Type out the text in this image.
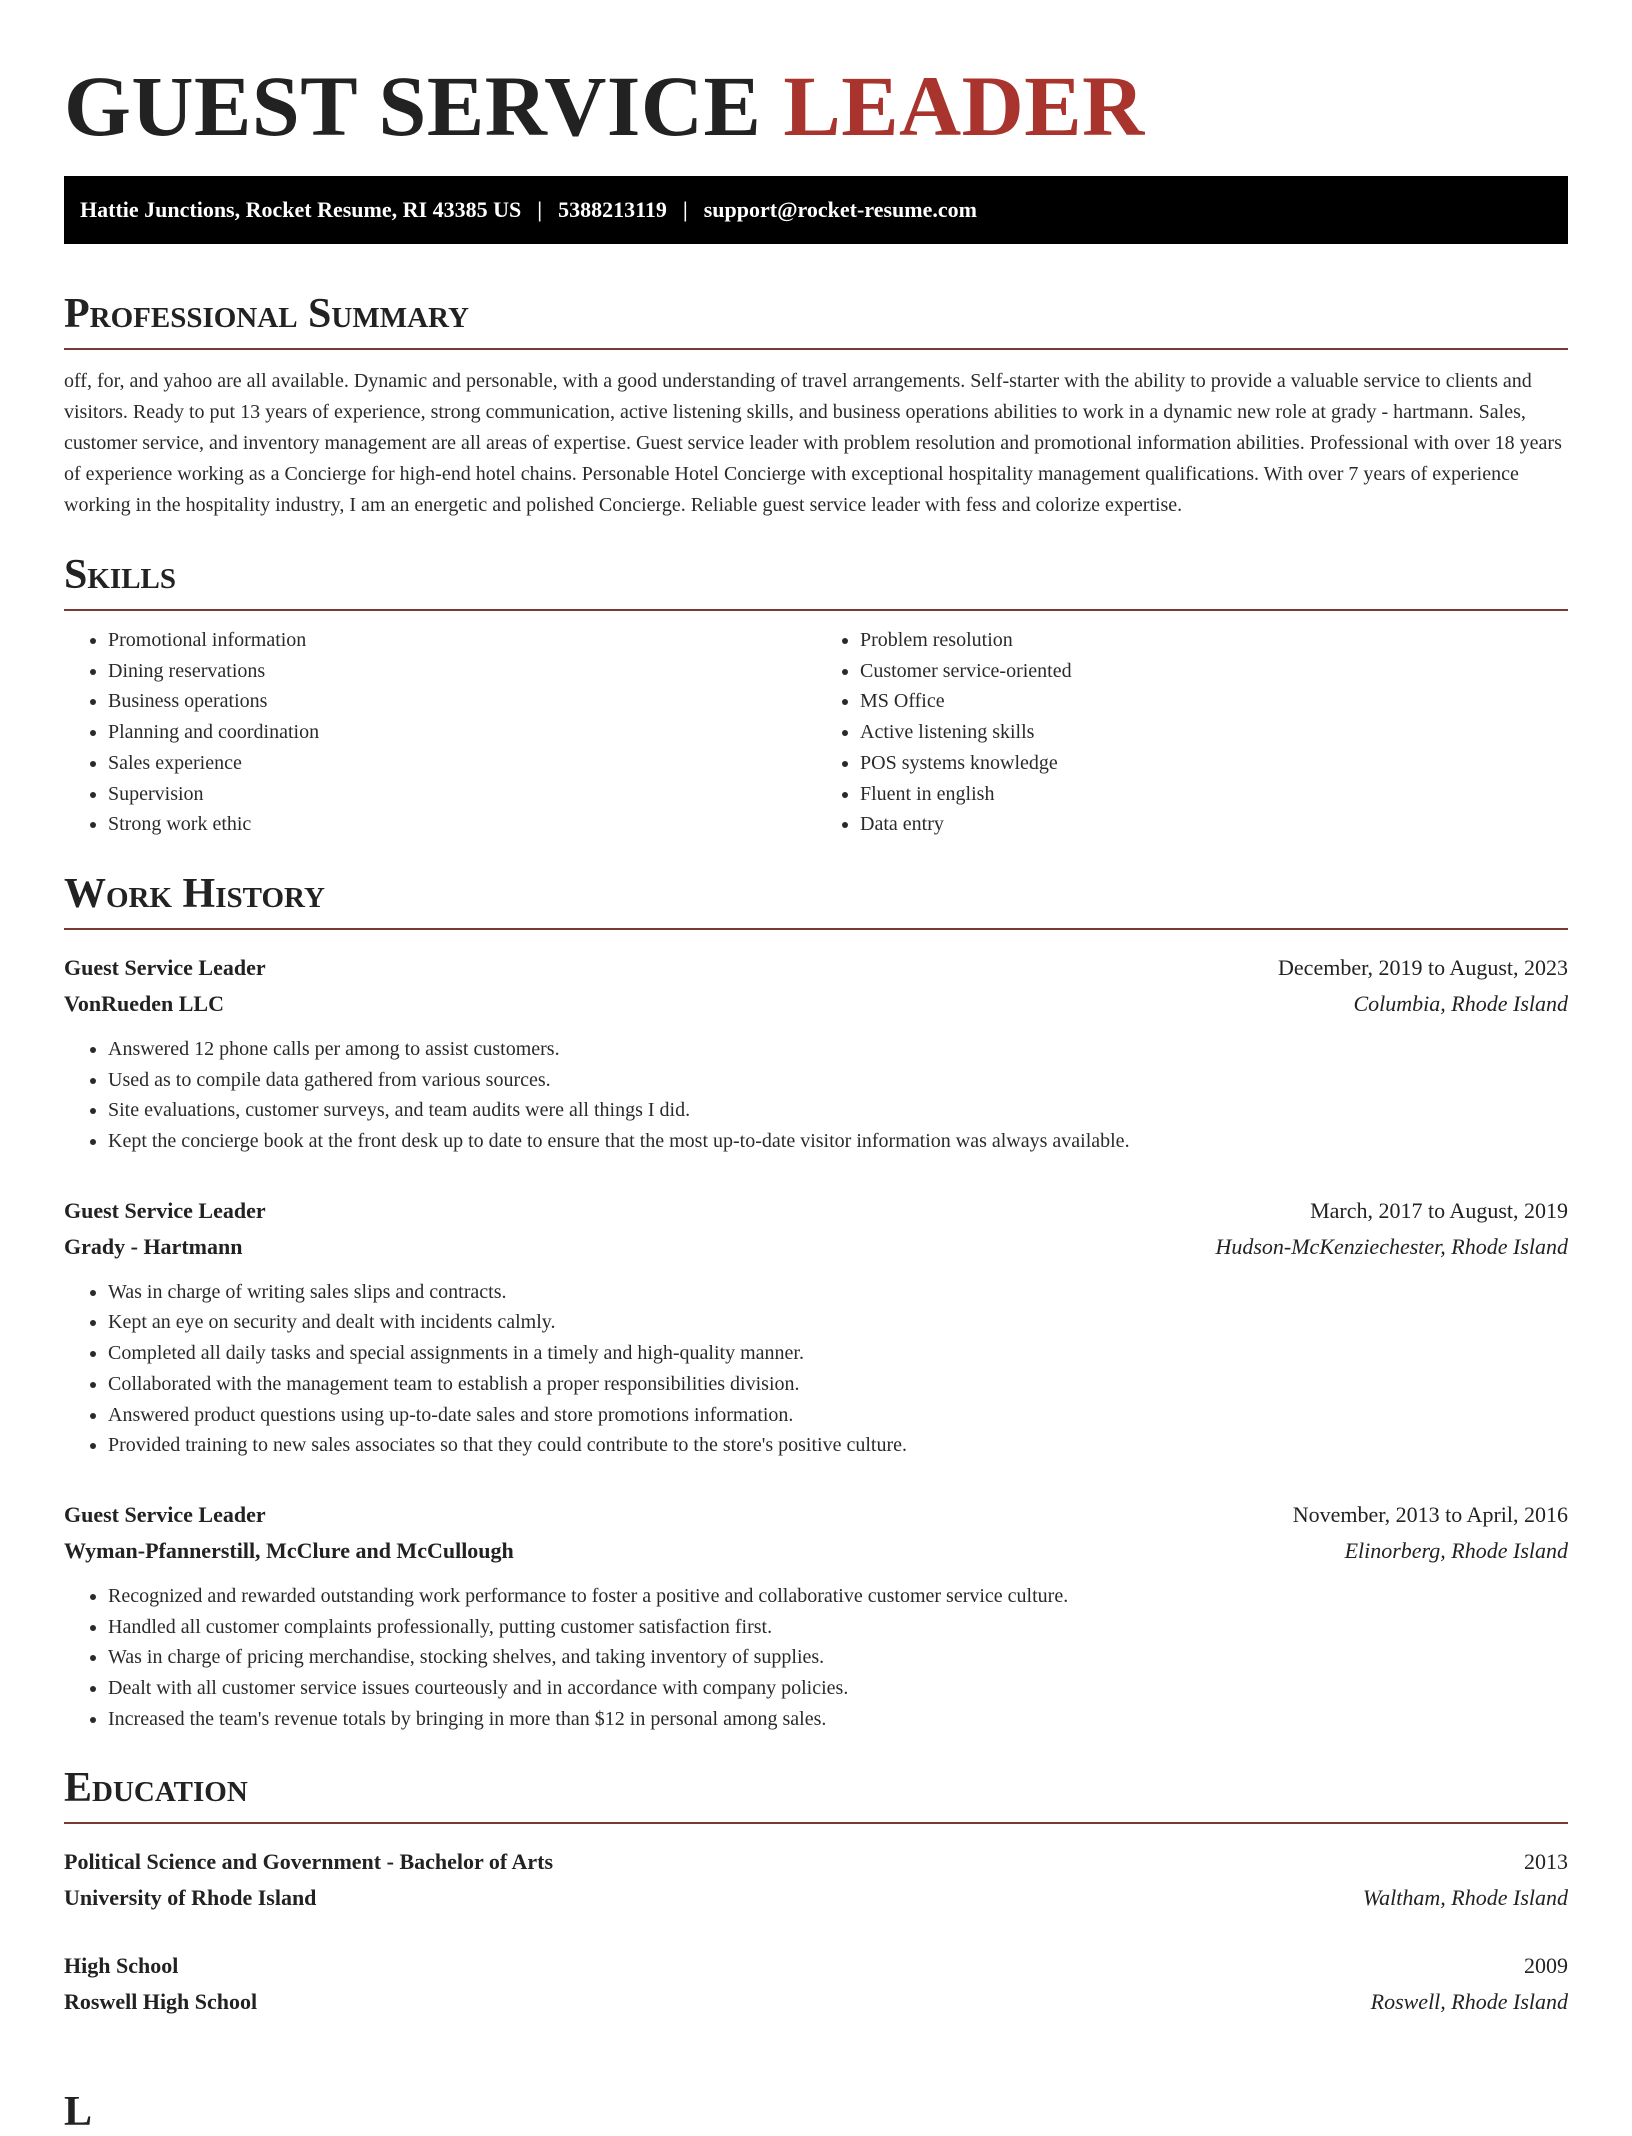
GUEST SERVICE LEADER
Hattie Junctions, Rocket Resume, RI 43385 US | 5388213119 | support@rocket-resume.com
Professional Summary

off, for, and yahoo are all available. Dynamic and personable, with a good understanding of travel arrangements. Self-starter with the ability to provide a valuable service to clients and visitors. Ready to put 13 years of experience, strong communication, active listening skills, and business operations abilities to work in a dynamic new role at grady - hartmann. Sales, customer service, and inventory management are all areas of expertise. Guest service leader with problem resolution and promotional information abilities. Professional with over 18 years of experience working as a Concierge for high-end hotel chains. Personable Hotel Concierge with exceptional hospitality management qualifications. With over 7 years of experience working in the hospitality industry, I am an energetic and polished Concierge. Reliable guest service leader with fess and colorize expertise.

Skills
• Promotional information
• Dining reservations
• Business operations
• Planning and coordination
• Sales experience
• Supervision
• Strong work ethic
• Problem resolution
• Customer service-oriented
• MS Office
• Active listening skills
• POS systems knowledge
• Fluent in english
• Data entry
Work History
Guest Service Leader	December, 2019 to August, 2023
VonRueden LLC	Columbia, Rhode Island
• Answered 12 phone calls per among to assist customers.
• Used as to compile data gathered from various sources.
• Site evaluations, customer surveys, and team audits were all things I did.
• Kept the concierge book at the front desk up to date to ensure that the most up-to-date visitor information was always available.
Guest Service Leader	March, 2017 to August, 2019
Grady - Hartmann	Hudson-McKenziechester, Rhode Island
• Was in charge of writing sales slips and contracts.
• Kept an eye on security and dealt with incidents calmly.
• Completed all daily tasks and special assignments in a timely and high-quality manner.
• Collaborated with the management team to establish a proper responsibilities division.
• Answered product questions using up-to-date sales and store promotions information.
• Provided training to new sales associates so that they could contribute to the store's positive culture.
Guest Service Leader	November, 2013 to April, 2016
Wyman-Pfannerstill, McClure and McCullough	Elinorberg, Rhode Island
• Recognized and rewarded outstanding work performance to foster a positive and collaborative customer service culture.
• Handled all customer complaints professionally, putting customer satisfaction first.
• Was in charge of pricing merchandise, stocking shelves, and taking inventory of supplies.
• Dealt with all customer service issues courteously and in accordance with company policies.
• Increased the team's revenue totals by bringing in more than $12 in personal among sales.
Education
Political Science and Government - Bachelor of Arts	2013
University of Rhode Island	Waltham, Rhode Island
High School	2009
Roswell High School	Roswell, Rhode Island
L
